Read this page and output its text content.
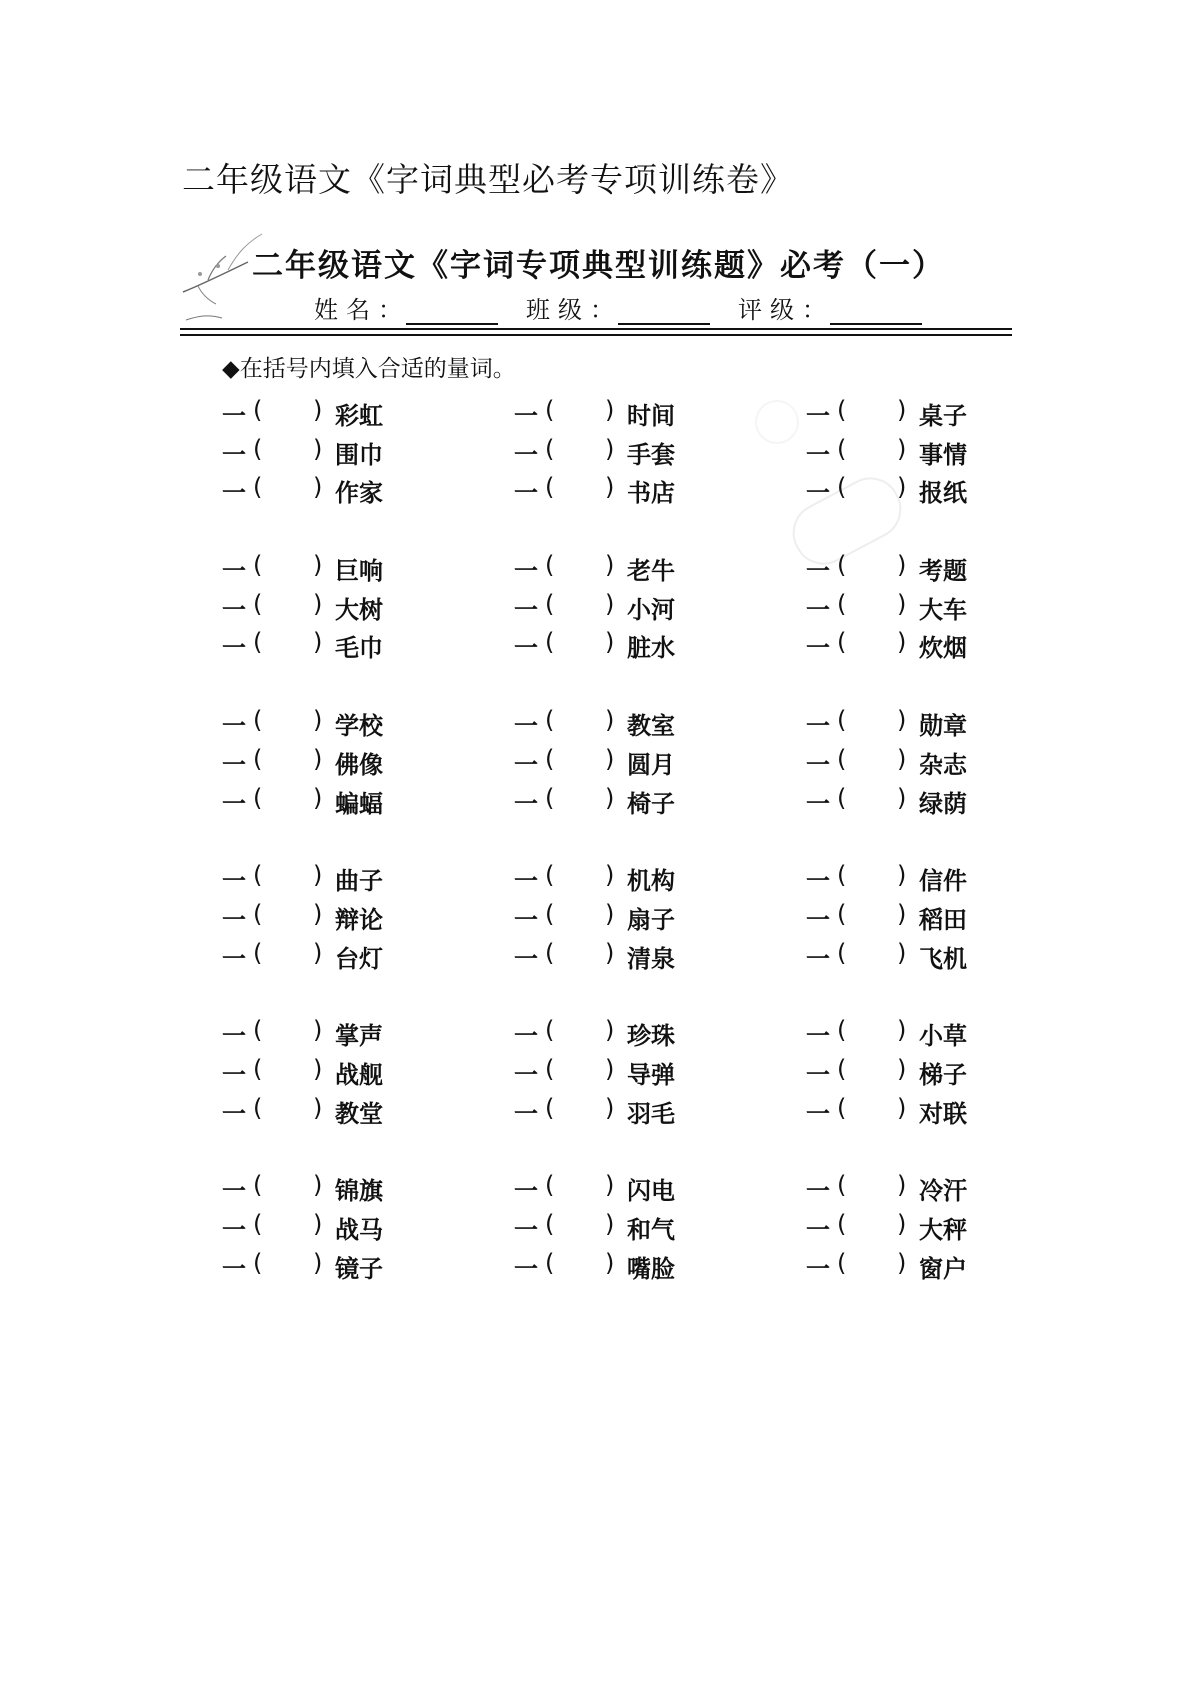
二年级语文《字词典型必考专项训练卷》
二年级语文《字词专项典型训练题》必考（一）
姓名 ：	班级 ：	评级 ：
◆在括号内填入合适的量词。
一 ( ) 彩虹	一 ( ) 时间	一 ( ) 桌子
一 ( ) 围巾	一 ( ) 手套	一 ( ) 事情
一 ( ) 作家	一 ( ) 书店	一 ( ) 报纸
一 ( ) 巨响	一 ( ) 老牛	一 ( ) 考题
一 ( ) 大树	一 ( ) 小河	一 ( ) 大车
一 ( ) 毛巾	一 ( ) 脏水	一 ( ) 炊烟
一 ( ) 学校	一 ( ) 教室	一 ( ) 勋章
一 ( ) 佛像	一 ( ) 圆月	一 ( ) 杂志
一 ( ) 蝙蝠	一 ( ) 椅子	一 ( ) 绿荫
一 ( ) 曲子	一 ( ) 机构	一 ( ) 信件
一 ( ) 辩论	一 ( ) 扇子	一 ( ) 稻田
一 ( ) 台灯	一 ( ) 清泉	一 ( ) 飞机
一 ( ) 掌声	一 ( ) 珍珠	一 ( ) 小草
一 ( ) 战舰	一 ( ) 导弹	一 ( ) 梯子
一 ( ) 教堂	一 ( ) 羽毛	一 ( ) 对联
一 ( ) 锦旗	一 ( ) 闪电	一 ( ) 冷汗
一 ( ) 战马	一 ( ) 和气	一 ( ) 大秤
一 ( ) 镜子	一 ( ) 嘴脸	一 ( ) 窗户
